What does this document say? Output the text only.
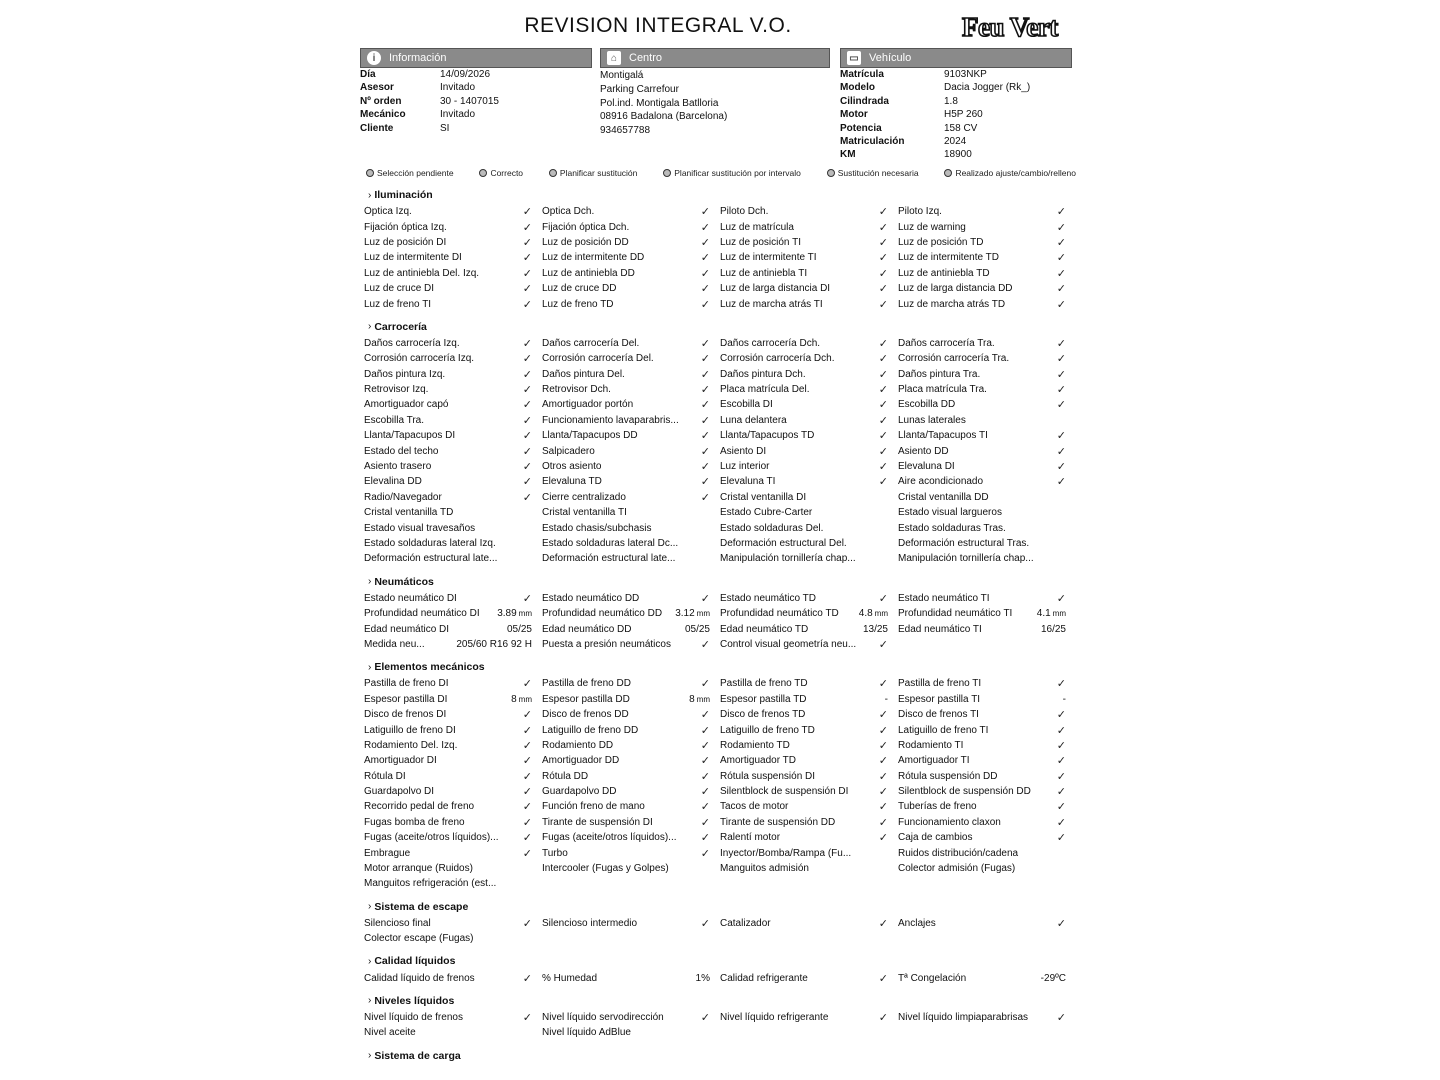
REVISION INTEGRAL V.O.	Feu Vert
i	Información
Día	14/09/2026
Asesor	Invitado
Nº orden	30 - 1407015
Mecánico	Invitado
Cliente	SI
⌂	Centro
Montigalá
Parking Carrefour
Pol.ind. Montigala Batlloria
08916 Badalona (Barcelona)
934657788
▭ Vehículo
Matrícula	9103NKP
Modelo	Dacia Jogger (Rk_)
Cilindrada	1.8
Motor	H5P 260
Potencia	158 CV
Matriculación	2024
KM	18900
Selección pendiente	Correcto	Planificar sustitución	Planificar sustitución por intervalo	Sustitución necesaria	Realizado ajuste/cambio/relleno
› Iluminación
Óptica Izq.	✓ Óptica Dch.	✓ Piloto Dch.	✓ Piloto Izq.	✓
Fijación óptica Izq.	✓ Fijación óptica Dch.	✓ Luz de matrícula	✓ Luz de warning	✓
Luz de posición DI	✓ Luz de posición DD	✓ Luz de posición TI	✓ Luz de posición TD	✓
Luz de intermitente DI	✓ Luz de intermitente DD	✓ Luz de intermitente TI	✓ Luz de intermitente TD	✓
Luz de antiniebla Del. Izq.	✓ Luz de antiniebla DD	✓ Luz de antiniebla TI	✓ Luz de antiniebla TD	✓
Luz de cruce DI	✓ Luz de cruce DD	✓ Luz de larga distancia DI	✓ Luz de larga distancia DD	✓
Luz de freno TI	✓ Luz de freno TD	✓ Luz de marcha atrás TI	✓ Luz de marcha atrás TD	✓
› Carrocería
Daños carrocería Izq.	✓ Daños carrocería Del.	✓ Daños carrocería Dch.	✓ Daños carrocería Tra.	✓
Corrosión carrocería Izq.	✓ Corrosión carrocería Del.	✓ Corrosión carrocería Dch.	✓ Corrosión carrocería Tra.	✓
Daños pintura Izq.	✓ Daños pintura Del.	✓ Daños pintura Dch.	✓ Daños pintura Tra.	✓
Retrovisor Izq.	✓ Retrovisor Dch.	✓ Placa matrícula Del.	✓ Placa matrícula Tra.	✓
Amortiguador capó	✓ Amortiguador portón	✓ Escobilla DI	✓ Escobilla DD	✓
Escobilla Tra.	✓ Funcionamiento lavaparabris...	✓ Luna delantera	✓ Lunas laterales
Llanta/Tapacupos DI	✓ Llanta/Tapacupos DD	✓ Llanta/Tapacupos TD	✓ Llanta/Tapacupos TI	✓
Estado del techo	✓ Salpicadero	✓ Asiento DI	✓ Asiento DD	✓
Asiento trasero	✓ Otros asiento	✓ Luz interior	✓ Elevaluna DI	✓
Elevalina DD	✓ Elevaluna TD	✓ Elevaluna TI	✓ Aire acondicionado	✓
Radio/Navegador	✓ Cierre centralizado	✓ Cristal ventanilla DI	Cristal ventanilla DD
Cristal ventanilla TD	Cristal ventanilla TI	Estado Cubre-Carter	Estado visual largueros
Estado visual travesaños	Estado chasis/subchasis	Estado soldaduras Del.	Estado soldaduras Tras.
Estado soldaduras lateral Izq.	Estado soldaduras lateral Dc...	Deformación estructural Del.	Deformación estructural Tras.
Deformación estructural late...	Deformación estructural late...	Manipulación tornillería chap...	Manipulación tornillería chap...
› Neumáticos
Estado neumático DI	✓ Estado neumático DD	✓ Estado neumático TD	✓ Estado neumático TI	✓
Profundidad neumático DI	3.89 mm Profundidad neumático DD	3.12 mm Profundidad neumático TD	4.8 mm Profundidad neumático TI	4.1 mm
Edad neumático DI	05/25 Edad neumático DD	05/25 Edad neumático TD	13/25 Edad neumático TI	16/25
Medida neu...	205/60 R16 92 H Puesta a presión neumáticos	✓ Control visual geometría neu...	✓
› Elementos mecánicos
Pastilla de freno DI	✓ Pastilla de freno DD	✓ Pastilla de freno TD	✓ Pastilla de freno TI	✓
Espesor pastilla DI	8 mm Espesor pastilla DD	8 mm Espesor pastilla TD	- Espesor pastilla TI	-
Disco de frenos DI	✓ Disco de frenos DD	✓ Disco de frenos TD	✓ Disco de frenos TI	✓
Latiguillo de freno DI	✓ Latiguillo de freno DD	✓ Latiguillo de freno TD	✓ Latiguillo de freno TI	✓
Rodamiento Del. Izq.	✓ Rodamiento DD	✓ Rodamiento TD	✓ Rodamiento TI	✓
Amortiguador DI	✓ Amortiguador DD	✓ Amortiguador TD	✓ Amortiguador TI	✓
Rótula DI	✓ Rótula DD	✓ Rótula suspensión DI	✓ Rótula suspensión DD	✓
Guardapolvo DI	✓ Guardapolvo DD	✓ Silentblock de suspensión DI	✓ Silentblock de suspensión DD	✓
Recorrido pedal de freno	✓ Función freno de mano	✓ Tacos de motor	✓ Tuberías de freno	✓
Fugas bomba de freno	✓ Tirante de suspensión DI	✓ Tirante de suspensión DD	✓ Funcionamiento claxon	✓
Fugas (aceite/otros líquidos)...	✓ Fugas (aceite/otros líquidos)...	✓ Ralentí motor	✓ Caja de cambios	✓
Embrague	✓ Turbo	✓ Inyector/Bomba/Rampa (Fu...	Ruidos distribución/cadena
Motor arranque (Ruidos)	Intercooler (Fugas y Golpes)	Manguitos admisión	Colector admisión (Fugas)
Manguitos refrigeración (est...
› Sistema de escape
Silencioso final	✓ Silencioso intermedio	✓ Catalizador	✓ Anclajes	✓
Colector escape (Fugas)
› Calidad líquidos
Calidad líquido de frenos	✓ % Humedad	1% Calidad refrigerante	✓ Tª Congelación	-29ºC
› Niveles líquidos
Nivel líquido de frenos	✓ Nivel líquido servodirección	✓ Nivel líquido refrigerante	✓ Nivel líquido limpiaparabrisas	✓
Nivel aceite	Nivel líquido AdBlue
› Sistema de carga
